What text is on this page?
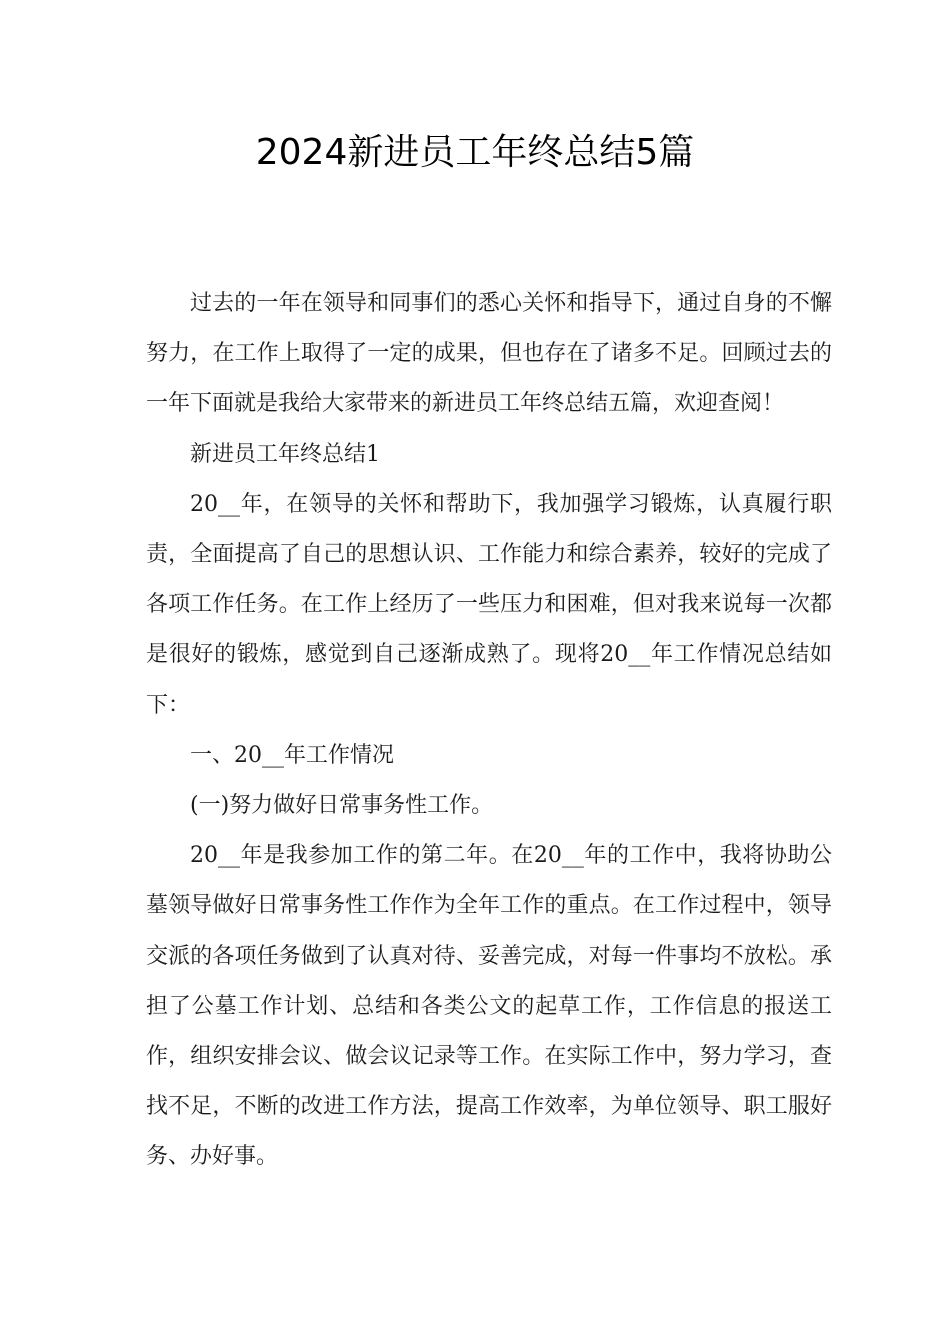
2024新进员工年终总结5篇

过去的一年在领导和同事们的悉心关怀和指导下，通过自身的不懈努力，在工作上取得了一定的成果，但也存在了诸多不足。回顾过去的一年下面就是我给大家带来的新进员工年终总结五篇，欢迎查阅！

新进员工年终总结1

20__年，在领导的关怀和帮助下，我加强学习锻炼，认真履行职责，全面提高了自己的思想认识、工作能力和综合素养，较好的完成了各项工作任务。在工作上经历了一些压力和困难，但对我来说每一次都是很好的锻炼，感觉到自己逐渐成熟了。现将20__年工作情况总结如下：

一、20__年工作情况

(一)努力做好日常事务性工作。

20__年是我参加工作的第二年。在20__年的工作中，我将协助公墓领导做好日常事务性工作作为全年工作的重点。在工作过程中，领导交派的各项任务做到了认真对待、妥善完成，对每一件事均不放松。承担了公墓工作计划、总结和各类公文的起草工作，工作信息的报送工作，组织安排会议、做会议记录等工作。在实际工作中，努力学习，查找不足，不断的改进工作方法，提高工作效率，为单位领导、职工服好务、办好事。
